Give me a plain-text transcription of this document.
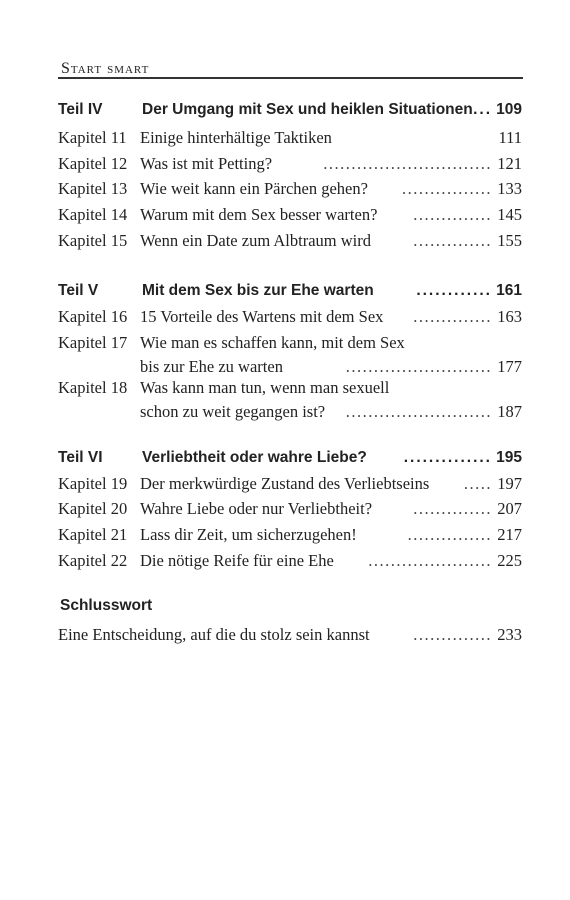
Start smart
Teil IV	Der Umgang mit Sex und heiklen Situationen ... 109
Kapitel 11 Einige hinterhältige Taktiken	111
Kapitel 12 Was ist mit Petting?	.............................. 121
Kapitel 13 Wie weit kann ein Pärchen gehen? ................ 133
Kapitel 14 Warum mit dem Sex besser warten? .............. 145
Kapitel 15 Wenn ein Date zum Albtraum wird	.............. 155
Teil V	Mit dem Sex bis zur Ehe warten	............ 161
Kapitel 16 15 Vorteile des Wartens mit dem Sex .............. 163
Kapitel 17 Wie man es schaffen kann, mit dem Sex
bis zur Ehe zu warten	.......................... 177
Kapitel 18 Was kann man tun, wenn man sexuell
schon zu weit gegangen ist? .......................... 187
Teil VI	Verliebtheit oder wahre Liebe? .............. 195
Kapitel 19 Der merkwürdige Zustand des Verliebtseins ..... 197
Kapitel 20 Wahre Liebe oder nur Verliebtheit? .............. 207
Kapitel 21 Lass dir Zeit, um sicherzugehen!	............... 217
Kapitel 22 Die nötige Reife für eine Ehe ...................... 225
Schlusswort
Eine Entscheidung, auf die du stolz sein kannst	.............. 233
